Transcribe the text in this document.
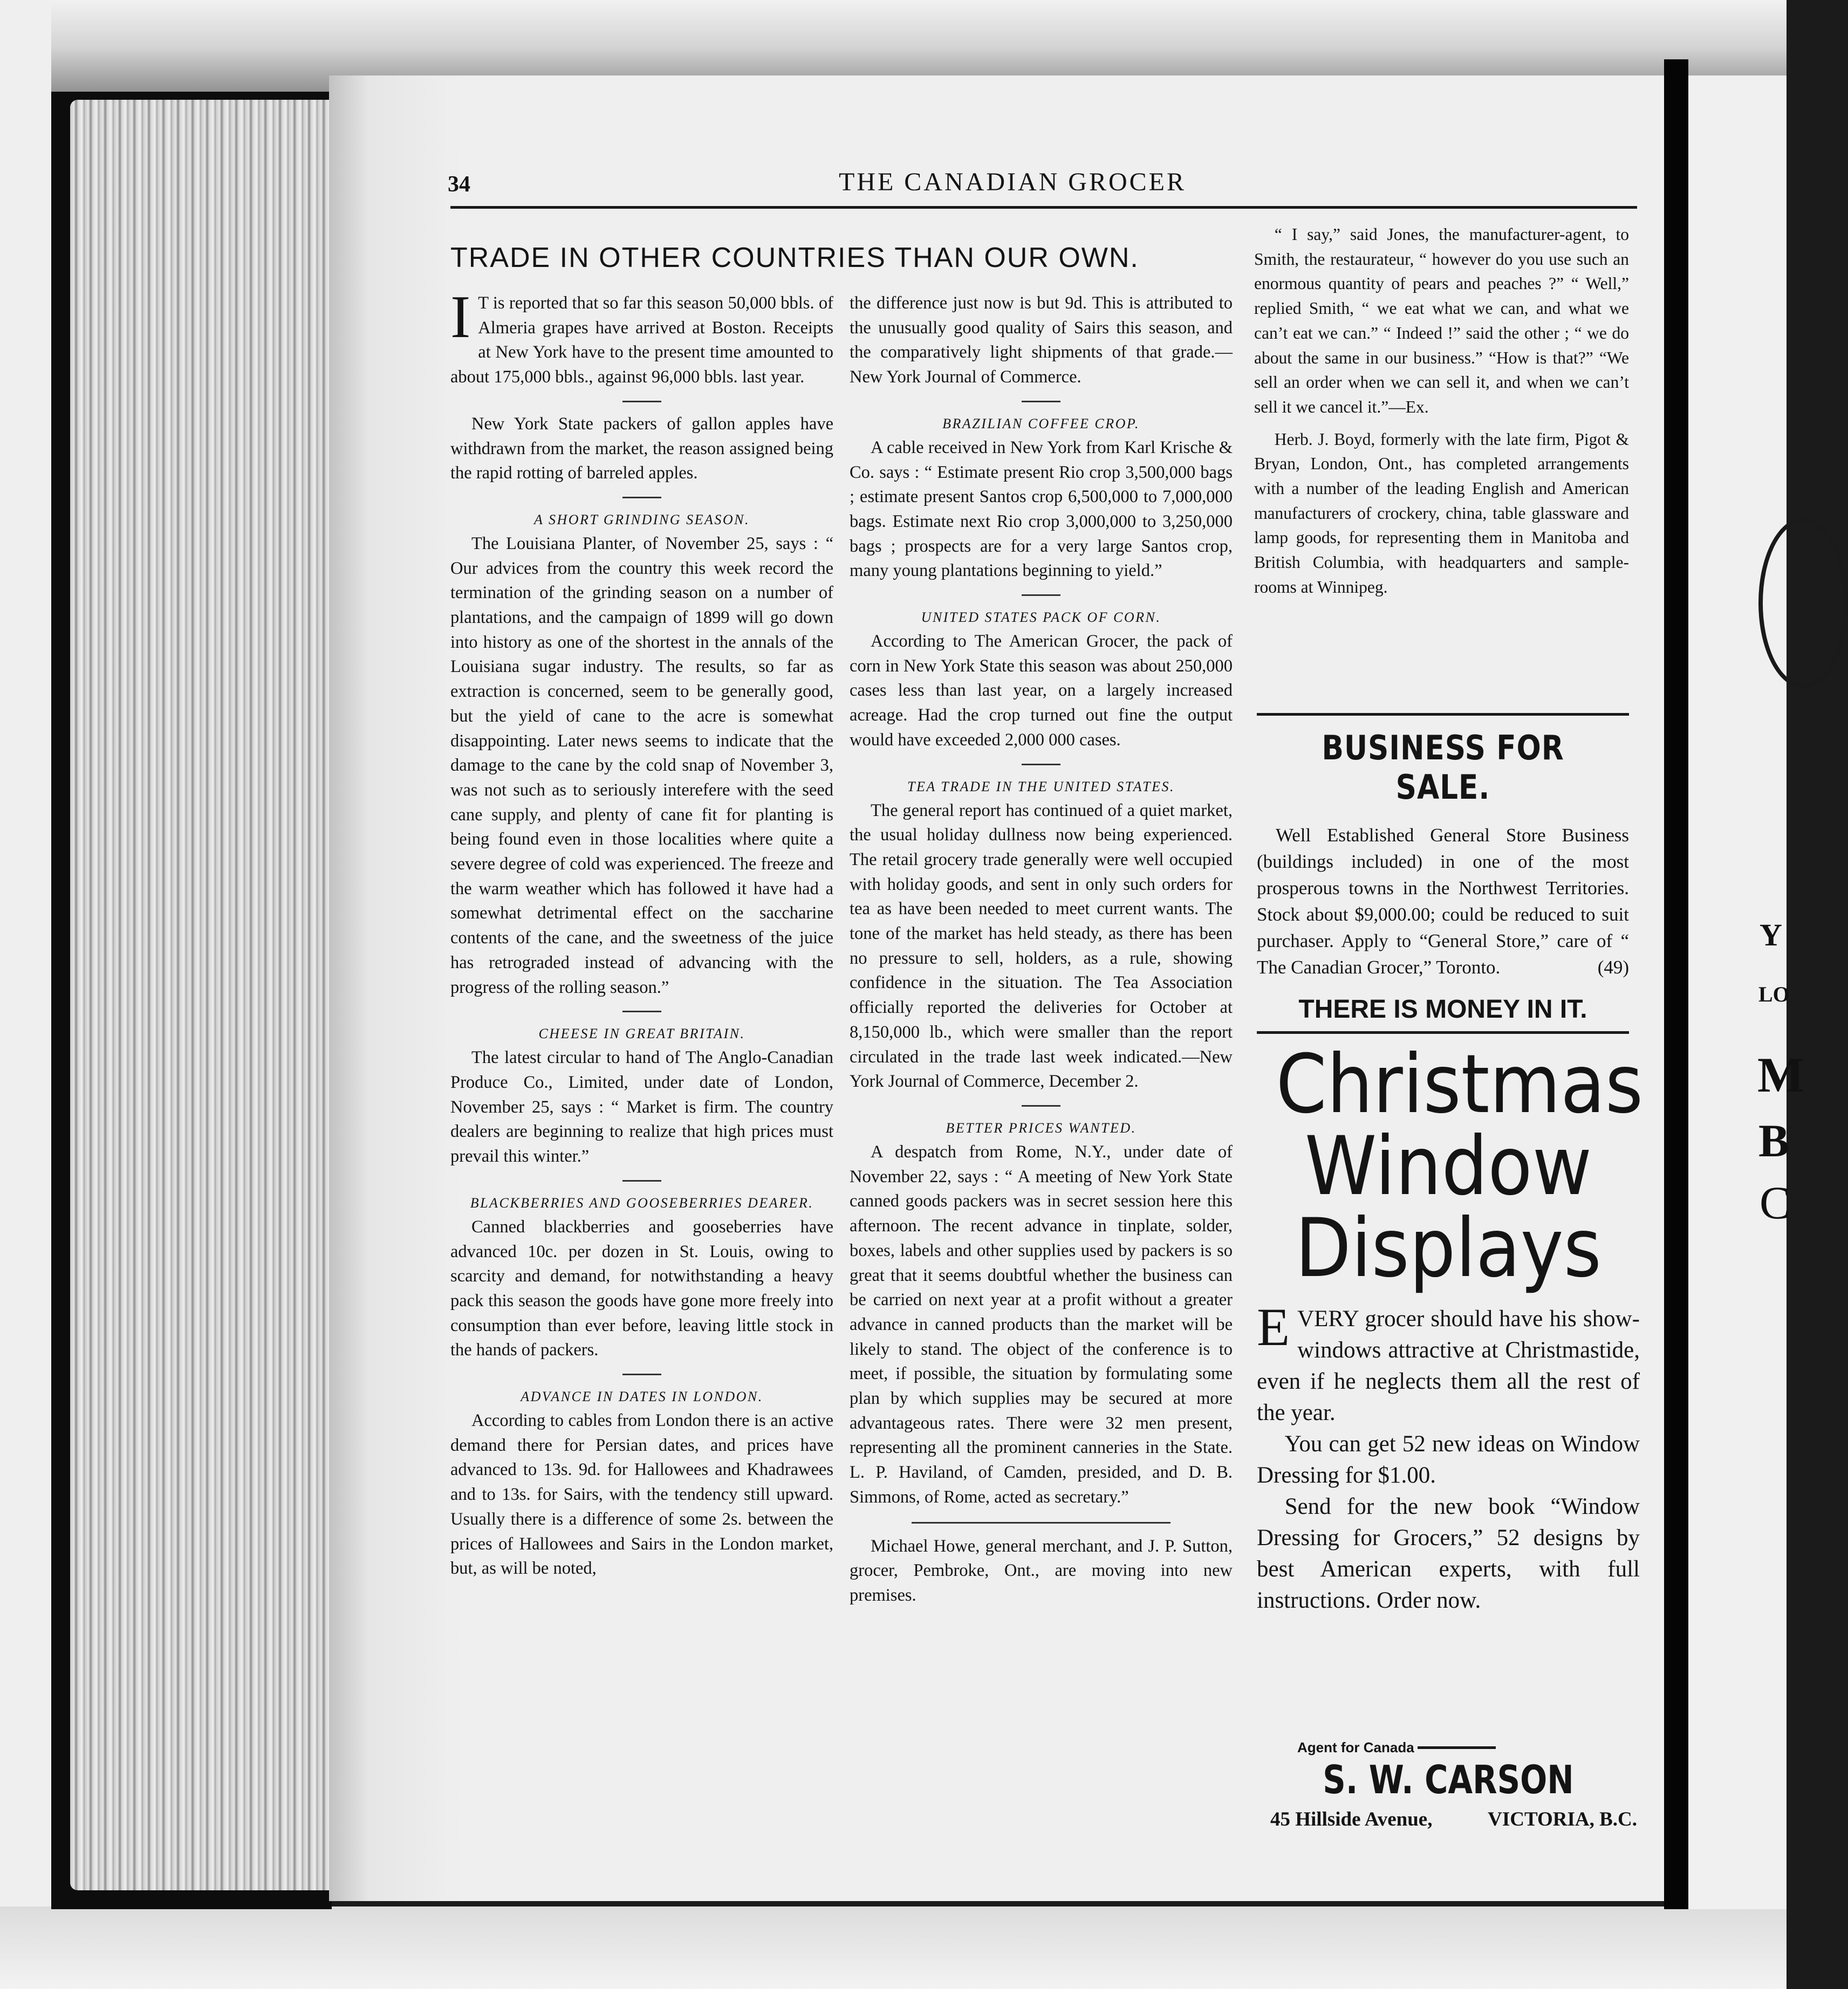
Y
LO
M
B
C
34	THE CANADIAN GROCER
TRADE IN OTHER COUNTRIES THAN OUR OWN.

I T is reported that so far this season 50,000 bbls. of Almeria grapes have arrived at Boston. Receipts at New York have to the present time amounted to about 175,000 bbls., against 96,000 bbls. last year.

New York State packers of gallon apples have withdrawn from the market, the reason assigned being the rapid rotting of barreled apples.

A SHORT GRINDING SEASON.

The Louisiana Planter, of November 25, says : “ Our advices from the country this week record the termination of the grinding season on a number of plantations, and the campaign of 1899 will go down into history as one of the shortest in the annals of the Louisiana sugar industry. The results, so far as extraction is concerned, seem to be generally good, but the yield of cane to the acre is somewhat disappointing. Later news seems to indicate that the damage to the cane by the cold snap of November 3, was not such as to seriously interefere with the seed cane supply, and plenty of cane fit for planting is being found even in those localities where quite a severe degree of cold was experienced. The freeze and the warm weather which has followed it have had a somewhat detrimental effect on the saccharine contents of the cane, and the sweetness of the juice has retrograded instead of advancing with the progress of the rolling season.”

CHEESE IN GREAT BRITAIN.

The latest circular to hand of The Anglo-Canadian Produce Co., Limited, under date of London, November 25, says : “ Market is firm. The country dealers are beginning to realize that high prices must prevail this winter.”

BLACKBERRIES AND GOOSEBERRIES DEARER.

Canned blackberries and gooseberries have advanced 10c. per dozen in St. Louis, owing to scarcity and demand, for notwithstanding a heavy pack this season the goods have gone more freely into consumption than ever before, leaving little stock in the hands of packers.

ADVANCE IN DATES IN LONDON.

According to cables from London there is an active demand there for Persian dates, and prices have advanced to 13s. 9d. for Hallowees and Khadrawees and to 13s. for Sairs, with the tendency still upward. Usually there is a difference of some 2s. between the prices of Hallowees and Sairs in the London market, but, as will be noted,

the difference just now is but 9d. This is attributed to the unusually good quality of Sairs this season, and the comparatively light shipments of that grade.—New York Journal of Commerce.

BRAZILIAN COFFEE CROP.

A cable received in New York from Karl Krische & Co. says : “ Estimate present Rio crop 3,500,000 bags ; estimate present Santos crop 6,500,000 to 7,000,000 bags. Estimate next Rio crop 3,000,000 to 3,250,000 bags ; prospects are for a very large Santos crop, many young plantations beginning to yield.”

UNITED STATES PACK OF CORN.

According to The American Grocer, the pack of corn in New York State this season was about 250,000 cases less than last year, on a largely increased acreage. Had the crop turned out fine the output would have exceeded 2,000 000 cases.

TEA TRADE IN THE UNITED STATES.

The general report has continued of a quiet market, the usual holiday dullness now being experienced. The retail grocery trade generally were well occupied with holiday goods, and sent in only such orders for tea as have been needed to meet current wants. The tone of the market has held steady, as there has been no pressure to sell, holders, as a rule, showing confidence in the situation. The Tea Association officially reported the deliveries for October at 8,150,000 lb., which were smaller than the report circulated in the trade last week indicated.—New York Journal of Commerce, December 2.

BETTER PRICES WANTED.

A despatch from Rome, N.Y., under date of November 22, says : “ A meeting of New York State canned goods packers was in secret session here this afternoon. The recent advance in tinplate, solder, boxes, labels and other supplies used by packers is so great that it seems doubtful whether the business can be carried on next year at a profit without a greater advance in canned products than the market will be likely to stand. The object of the conference is to meet, if possible, the situation by formulating some plan by which supplies may be secured at more advantageous rates. There were 32 men present, representing all the prominent canneries in the State. L. P. Haviland, of Camden, presided, and D. B. Simmons, of Rome, acted as secretary.”

Michael Howe, general merchant, and J. P. Sutton, grocer, Pembroke, Ont., are moving into new premises.

“ I say,” said Jones, the manufacturer-agent, to Smith, the restaurateur, “ however do you use such an enormous quantity of pears and peaches ?” “ Well,” replied Smith, “ we eat what we can, and what we can’t eat we can.” “ Indeed !” said the other ; “ we do about the same in our business.” “How is that?” “We sell an order when we can sell it, and when we can’t sell it we cancel it.”—Ex.

Herb. J. Boyd, formerly with the late firm, Pigot & Bryan, London, Ont., has completed arrangements with a number of the leading English and American manufacturers of crockery, china, table glassware and lamp goods, for representing them in Manitoba and British Columbia, with headquarters and sample-rooms at Winnipeg.

BUSINESS FOR SALE.
Well Established General Store Business (buildings included) in one of the most prosperous towns in the Northwest Territories. Stock about $9,000.00; could be reduced to suit purchaser. Apply to “General Store,” care of “ The Canadian Grocer,” Toronto.	(49)
THERE IS MONEY IN IT.
Christmas
Window
Displays

EVERY grocer should have his show-windows attractive at Christmastide, even if he neglects them all the rest of the year.

You can get 52 new ideas on Window Dressing for $1.00.

Send for the new book “Window Dressing for Grocers,” 52 designs by best American experts, with full instructions. Order now.

Agent for Canada
S. W. CARSON
45 Hillside Avenue,	VICTORIA, B.C.
